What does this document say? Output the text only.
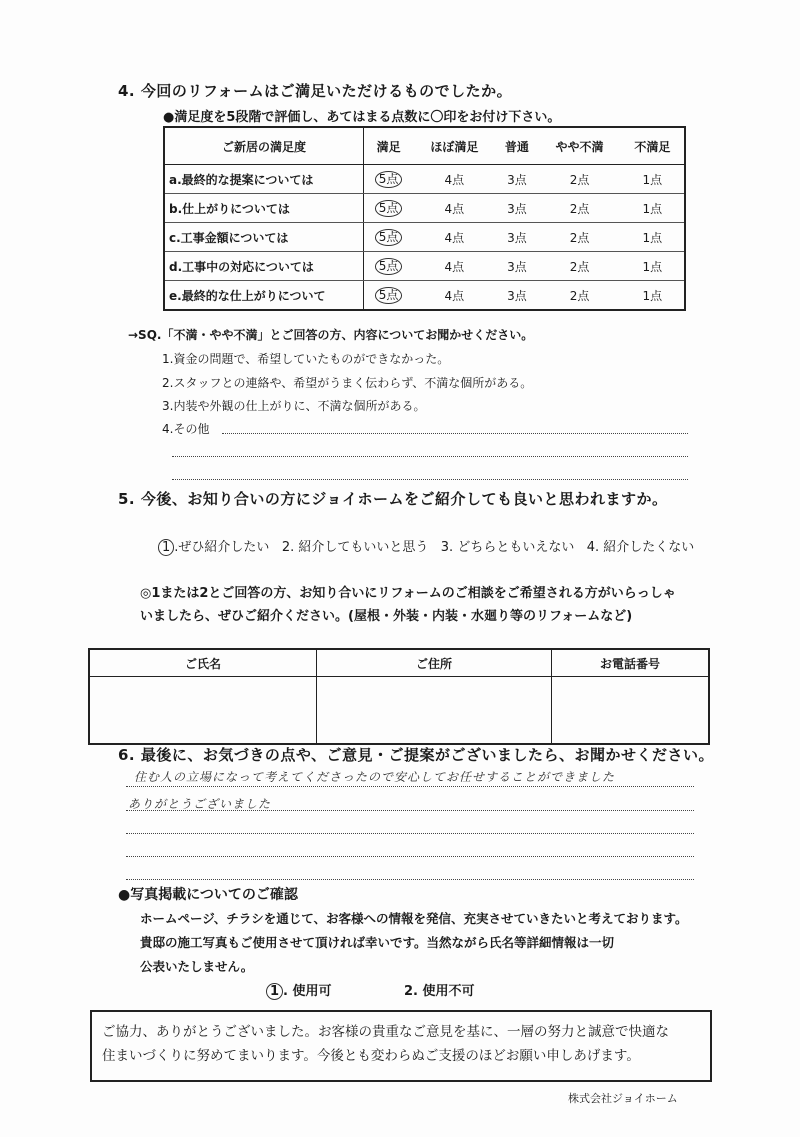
4. 今回のリフォームはご満足いただけるものでしたか。
●満足度を5段階で評価し、あてはまる点数に〇印をお付け下さい。
ご新居の満足度	満足	ほぼ満足	普通	やや不満	不満足
a.最終的な提案については	5点	4点	3点	2点	1点
b.仕上がりについては	5点	4点	3点	2点	1点
c.工事金額については	5点	4点	3点	2点	1点
d.工事中の対応については	5点	4点	3点	2点	1点
e.最終的な仕上がりについて	5点	4点	3点	2点	1点
→SQ.「不満・やや不満」とご回答の方、内容についてお聞かせください。
1.資金の問題で、希望していたものができなかった。
2.スタッフとの連絡や、希望がうまく伝わらず、不満な個所がある。
3.内装や外観の仕上がりに、不満な個所がある。
4.その他
5. 今後、お知り合いの方にジョイホームをご紹介しても良いと思われますか。
1 .ぜひ紹介したい 2. 紹介してもいいと思う 3. どちらともいえない 4. 紹介したくない
◎1または2とご回答の方、お知り合いにリフォームのご相談をご希望される方がいらっしゃ
いましたら、ぜひご紹介ください。(屋根・外装・内装・水廻り等のリフォームなど)
ご氏名	ご住所	お電話番号

6. 最後に、お気づきの点や、ご意見・ご提案がございましたら、お聞かせください。
住む人の立場になって考えてくださったので安心してお任せすることができました
ありがとうございました
●写真掲載についてのご確認
ホームページ、チラシを通じて、お客様への情報を発信、充実させていきたいと考えております。
貴邸の施工写真もご使用させて頂ければ幸いです。当然ながら氏名等詳細情報は一切
公表いたしません。
1 . 使用可	2. 使用不可
ご協力、ありがとうございました。お客様の貴重なご意見を基に、一層の努力と誠意で快適な
住まいづくりに努めてまいります。今後とも変わらぬご支援のほどお願い申しあげます。
株式会社ジョイホーム
